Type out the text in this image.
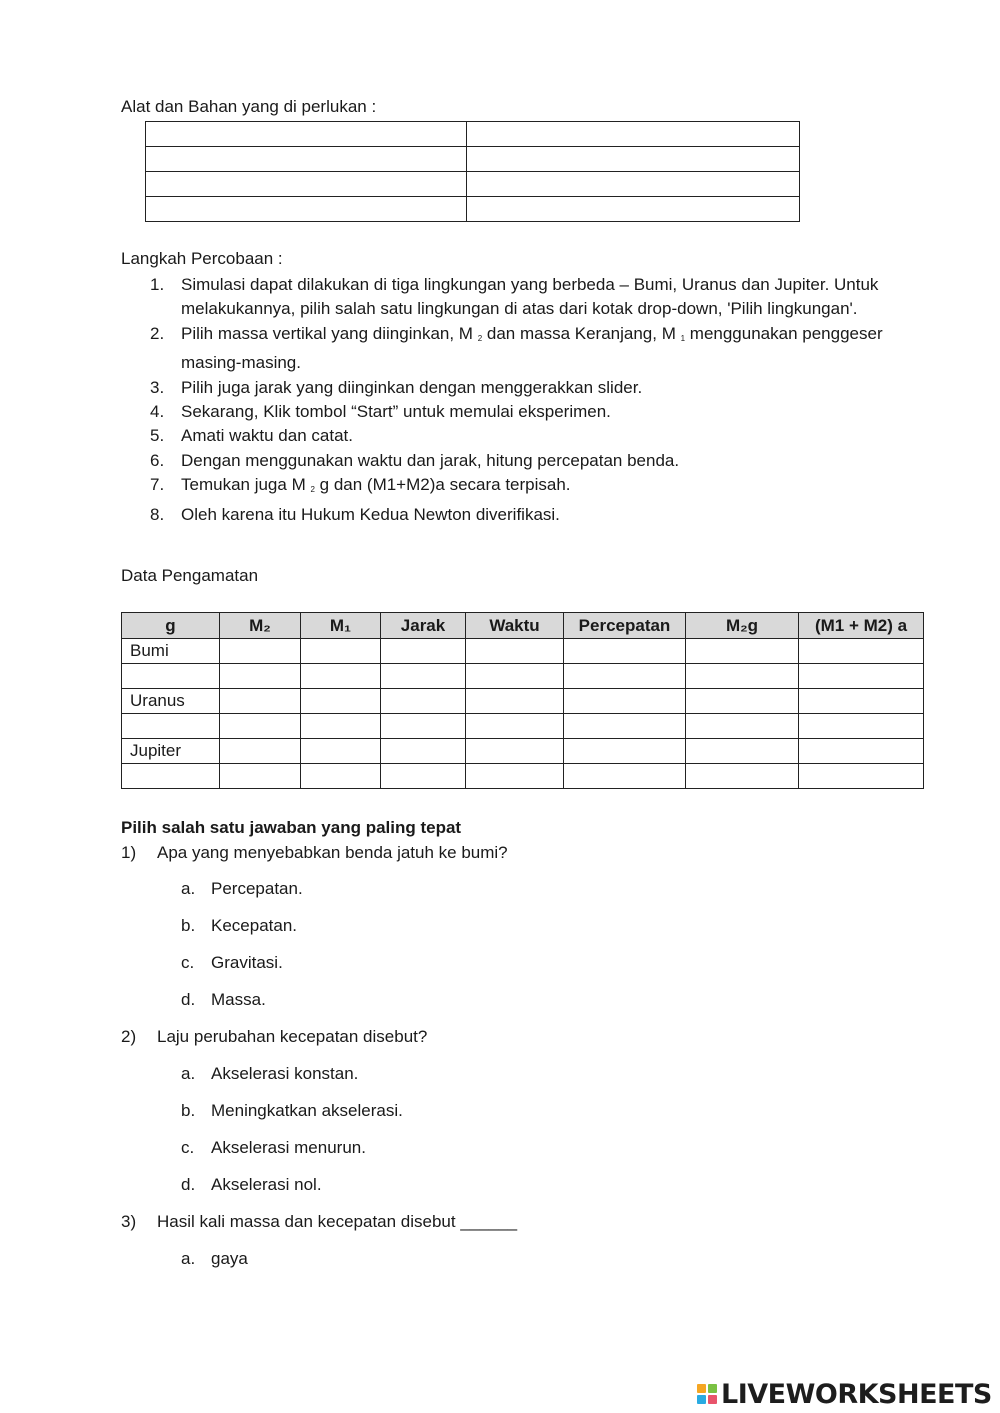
Alat dan Bahan yang di perlukan :

Langkah Percobaan :
1. Simulasi dapat dilakukan di tiga lingkungan yang berbeda – Bumi, Uranus dan Jupiter. Untuk melakukannya, pilih salah satu lingkungan di atas dari kotak drop-down, 'Pilih lingkungan'.
2. Pilih massa vertikal yang diinginkan, M $_2$ dan massa Keranjang, M $_1$ menggunakan penggeser masing-masing.
3. Pilih juga jarak yang diinginkan dengan menggerakkan slider.
4. Sekarang, Klik tombol “Start” untuk memulai eksperimen.
5. Amati waktu dan catat.
6. Dengan menggunakan waktu dan jarak, hitung percepatan benda.
7. Temukan juga M $_2$ g dan (M1+M2)a secara terpisah.
8. Oleh karena itu Hukum Kedua Newton diverifikasi.
Data Pengamatan
g	M₂	M₁	Jarak	Waktu	Percepatan	M₂g	(M1 + M2) a
Bumi							

Uranus							

Jupiter							

Pilih salah satu jawaban yang paling tepat
1) Apa yang menyebabkan benda jatuh ke bumi?
a. Percepatan.
b. Kecepatan.
c. Gravitasi.
d. Massa.
2) Laju perubahan kecepatan disebut?
a. Akselerasi konstan.
b. Meningkatkan akselerasi.
c. Akselerasi menurun.
d. Akselerasi nol.
3) Hasil kali massa dan kecepatan disebut ______
a. gaya
LIVEWORKSHEETS
